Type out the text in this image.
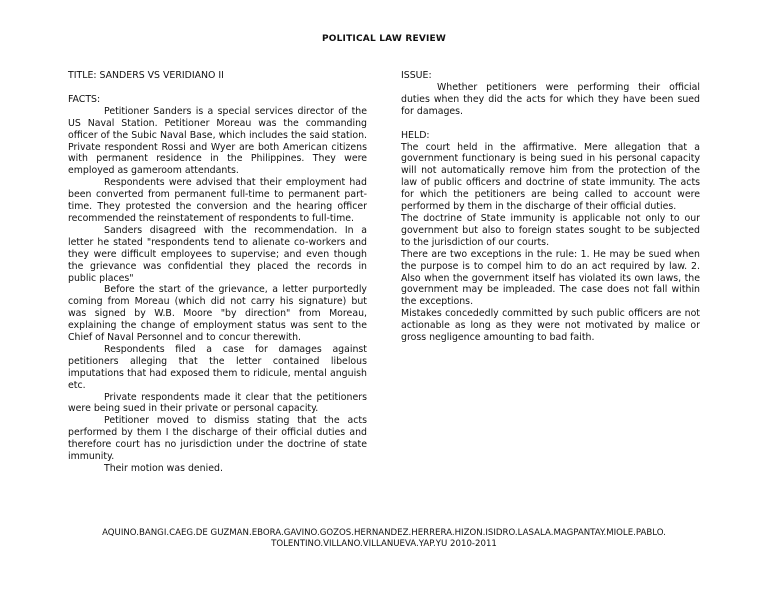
POLITICAL LAW REVIEW

TITLE: SANDERS VS VERIDIANO II

FACTS:

Petitioner Sanders is a special services director of the US Naval Station. Petitioner Moreau was the commanding officer of the Subic Naval Base, which includes the said station. Private respondent Rossi and Wyer are both American citizens with permanent residence in the Philippines. They were employed as gameroom attendants.

Respondents were advised that their employment had been converted from permanent full-time to permanent part-time. They protested the conversion and the hearing officer recommended the reinstatement of respondents to full-time.

Sanders disagreed with the recommendation. In a letter he stated "respondents tend to alienate co-workers and they were difficult employees to supervise; and even though the grievance was confidential they placed the records in public places"

Before the start of the grievance, a letter purportedly coming from Moreau (which did not carry his signature) but was signed by W.B. Moore "by direction" from Moreau, explaining the change of employment status was sent to the Chief of Naval Personnel and to concur therewith.

Respondents filed a case for damages against petitioners alleging that the letter contained libelous imputations that had exposed them to ridicule, mental anguish etc.

Private respondents made it clear that the petitioners were being sued in their private or personal capacity.

Petitioner moved to dismiss stating that the acts performed by them I the discharge of their official duties and therefore court has no jurisdiction under the doctrine of state immunity.

Their motion was denied.

ISSUE:

Whether petitioners were performing their official duties when they did the acts for which they have been sued for damages.

HELD:

The court held in the affirmative. Mere allegation that a government functionary is being sued in his personal capacity will not automatically remove him from the protection of the law of public officers and doctrine of state immunity. The acts for which the petitioners are being called to account were performed by them in the discharge of their official duties.

The doctrine of State immunity is applicable not only to our government but also to foreign states sought to be subjected to the jurisdiction of our courts.

There are two exceptions in the rule: 1. He may be sued when the purpose is to compel him to do an act required by law. 2. Also when the government itself has violated its own laws, the government may be impleaded. The case does not fall within the exceptions.

Mistakes concededly committed by such public officers are not actionable as long as they were not motivated by malice or gross negligence amounting to bad faith.

AQUINO.BANGI.CAEG.DE GUZMAN.EBORA.GAVINO.GOZOS.HERNANDEZ.HERRERA.HIZON.ISIDRO.LASALA.MAGPANTAY.MIOLE.PABLO.
TOLENTINO.VILLANO.VILLANUEVA.YAP.YU 2010-2011
